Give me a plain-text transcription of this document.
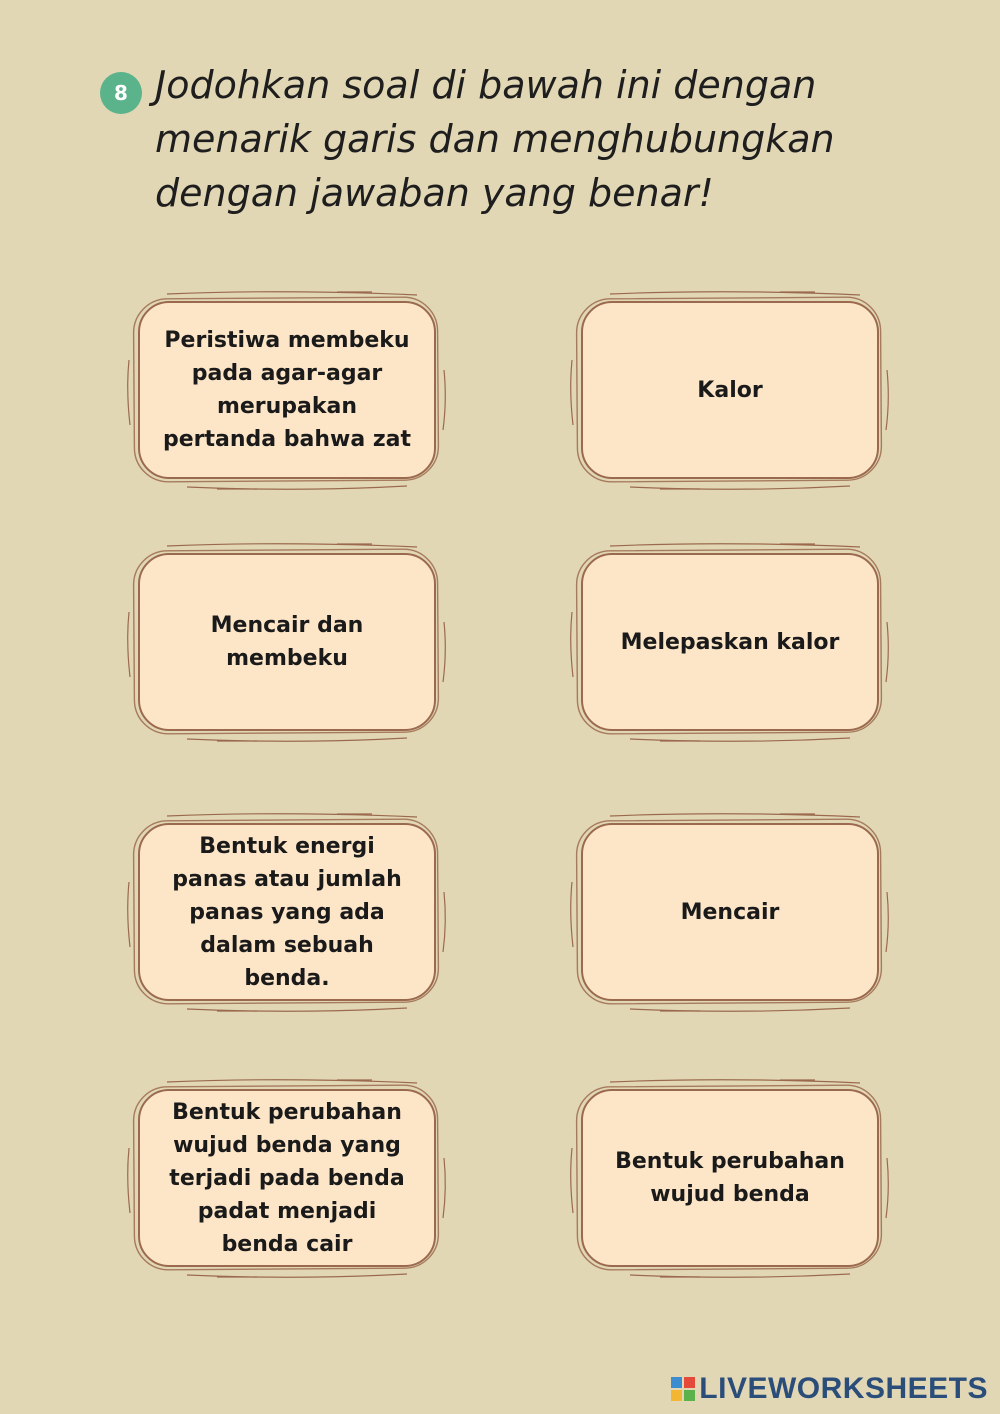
8 Jodohkan soal di bawah ini dengan menarik garis dan menghubungkan dengan jawaban yang benar!

Peristiwa membeku pada agar-agar merupakan pertanda bahwa zat
Mencair dan membeku
Bentuk energi panas atau jumlah panas yang ada dalam sebuah benda.
Bentuk perubahan wujud benda yang terjadi pada benda padat menjadi benda cair
Kalor
Melepaskan kalor
Mencair
Bentuk perubahan wujud benda
LIVEWORKSHEETS
